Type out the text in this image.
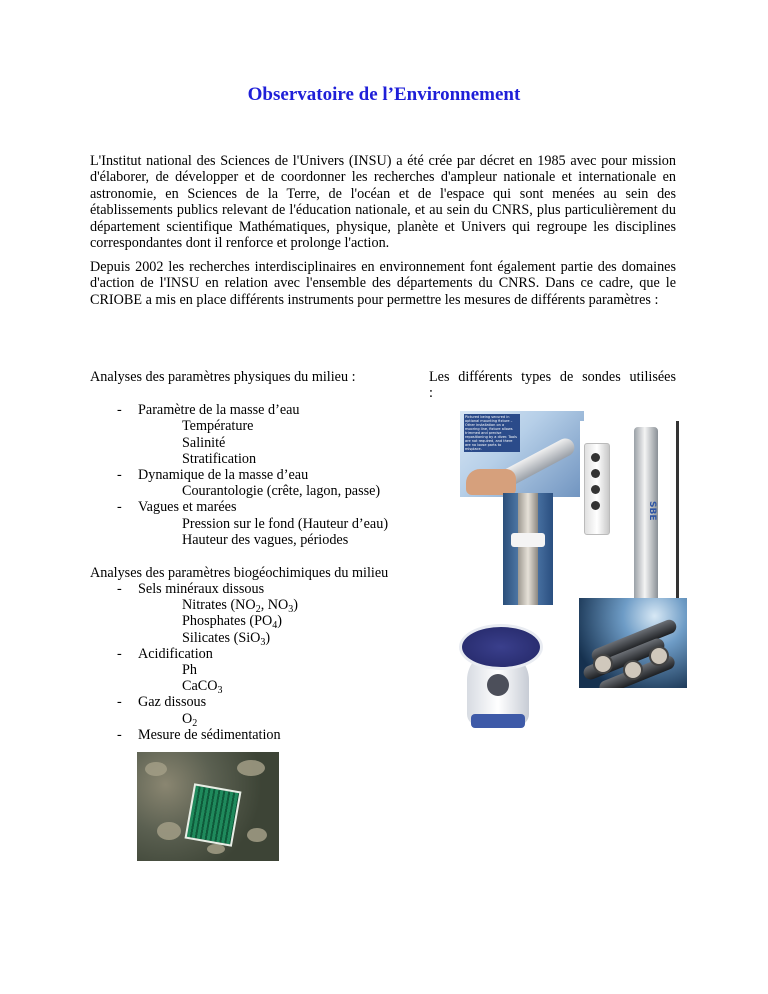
Observatoire de l’Environnement
L'Institut national des Sciences de l'Univers (INSU) a été crée par décret en 1985 avec pour mission d'élaborer, de développer et de coordonner les recherches d'ampleur nationale et internationale en astronomie, en Sciences de la Terre, de l'océan et de l'espace qui sont menées au sein des établissements publics relevant de l'éducation nationale, et au sein du CNRS, plus particulièrement du département scientifique Mathématiques, physique, planète et Univers qui regroupe les disciplines correspondantes dont il renforce et prolonge l'action.
Depuis 2002 les recherches interdisciplinaires en environnement font également partie des domaines d'action de l'INSU en relation avec l'ensemble des départements du CNRS. Dans ce cadre, que le CRIOBE a mis en place différents instruments pour permettre les mesures de différents paramètres :
Analyses des paramètres physiques du milieu :
- Paramètre de la masse d’eau
Température
Salinité
Stratification
- Dynamique de la masse d’eau
Courantologie (crête, lagon, passe)
- Vagues et marées
Pression sur le fond (Hauteur d’eau)
Hauteur des vagues, périodes
Analyses des paramètres biogéochimiques du milieu
- Sels minéraux dissous
Nitrates ($NO_2$, $NO_3$)
Phosphates $(PO_4)$
Silicates (SiO$_3$)
- Acidification
Ph
CaCO$_3$
- Gaz dissous
$O_2$
- Mesure de sédimentation
Les différents types de sondes utilisées :
Pictured being secured in optional mounting fixture – Other installation on a mooring line, fixture allows trimmed and precise repositioning by a diver. Tools are not required, and there are no loose parts to misplace.
SBE
